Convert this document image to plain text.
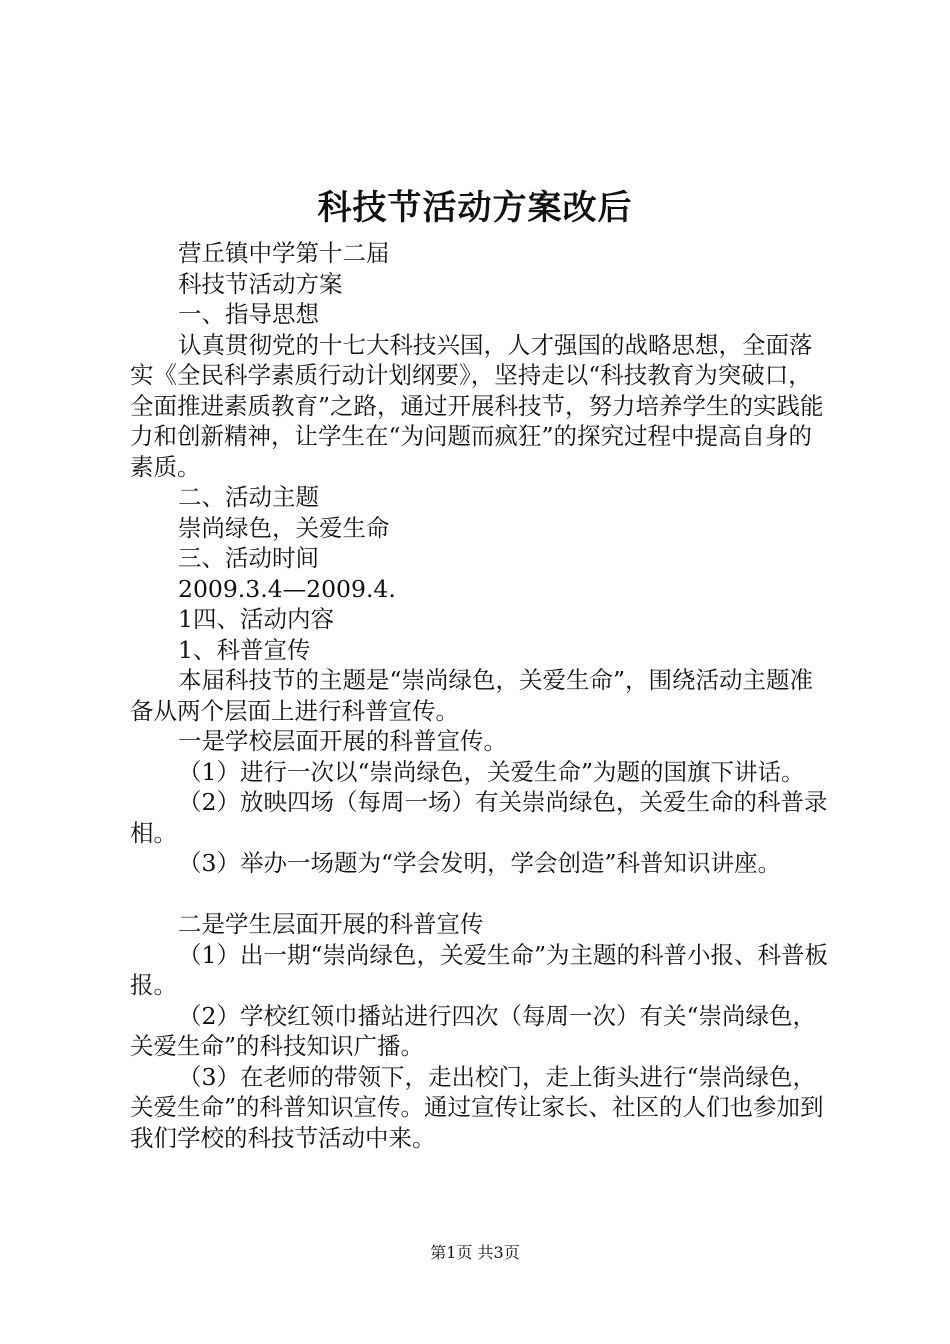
科技节活动方案改后

营丘镇中学第十二届

科技节活动方案

一、指导思想

认真贯彻党的十七大科技兴国，人才强国的战略思想，全面落实《全民科学素质行动计划纲要》，坚持走以“科技教育为突破口，全面推进素质教育”之路，通过开展科技节，努力培养学生的实践能力和创新精神，让学生在“为问题而疯狂”的探究过程中提高自身的素质。

二、活动主题

崇尚绿色，关爱生命

三、活动时间

2009.3.4—2009.4.

1四、活动内容

1、科普宣传

本届科技节的主题是“崇尚绿色，关爱生命”，围绕活动主题准备从两个层面上进行科普宣传。

一是学校层面开展的科普宣传。

（1）进行一次以“崇尚绿色，关爱生命”为题的国旗下讲话。

（2）放映四场（每周一场）有关崇尚绿色，关爱生命的科普录相。

（3）举办一场题为“学会发明，学会创造”科普知识讲座。

二是学生层面开展的科普宣传

（1）出一期“崇尚绿色，关爱生命”为主题的科普小报、科普板报。

（2）学校红领巾播站进行四次（每周一次）有关“崇尚绿色，关爱生命”的科技知识广播。

（3）在老师的带领下，走出校门，走上街头进行“崇尚绿色，关爱生命”的科普知识宣传。通过宣传让家长、社区的人们也参加到我们学校的科技节活动中来。

第1页 共3页
